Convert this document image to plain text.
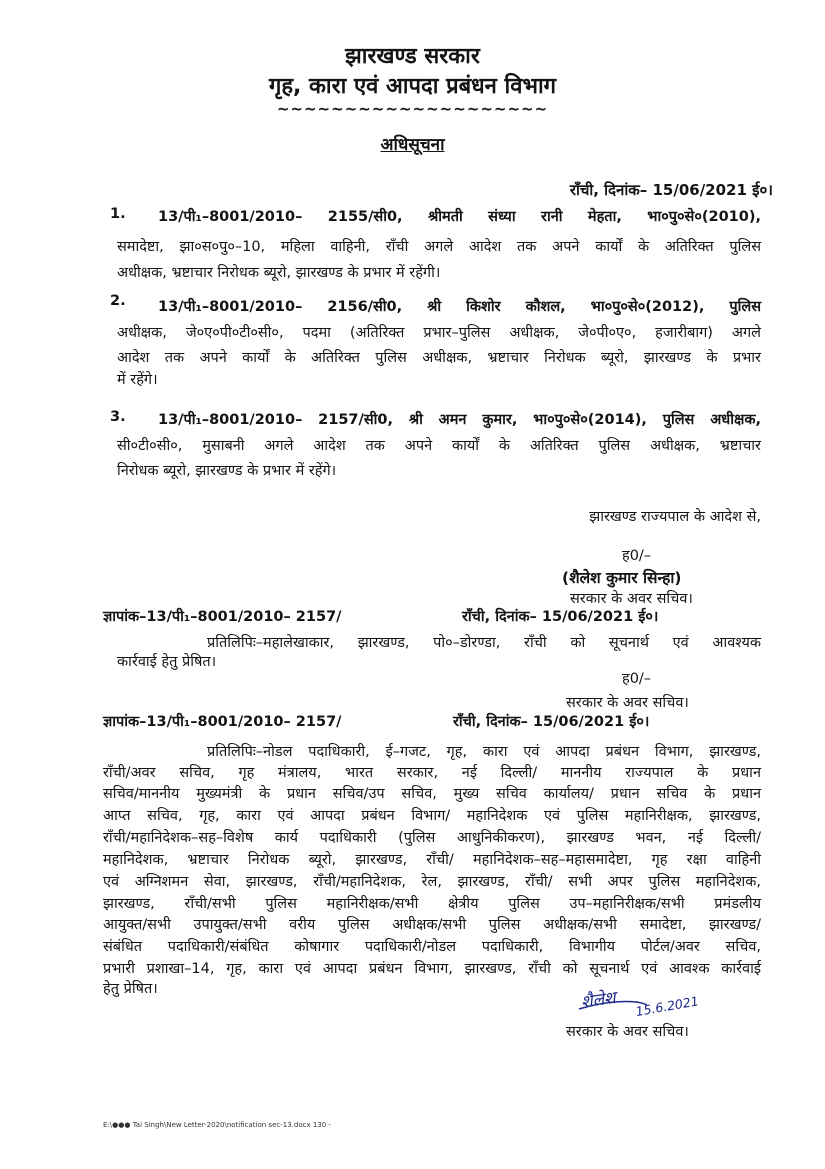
झारखण्ड सरकार
गृह, कारा एवं आपदा प्रबंधन विभाग
~~~~~~~~~~~~~~~~~~~~
अधिसूचना
राँची, दिनांक– 15/06/2021 ई०।
1. 13/पी₁–8001/2010– 2155/सी0, श्रीमती संध्या रानी मेहता, भा०पु०से०(2010),
समादेष्टा, झा०स०पु०–10, महिला वाहिनी, राँची अगले आदेश तक अपने कार्यों के अतिरिक्त पुलिस
अधीक्षक, भ्रष्टाचार निरोधक ब्यूरो, झारखण्ड के प्रभार में रहेंगी।
2. 13/पी₁–8001/2010– 2156/सी0, श्री किशोर कौशल, भा०पु०से०(2012), पुलिस
अधीक्षक, जे०ए०पी०टी०सी०, पदमा (अतिरिक्त प्रभार–पुलिस अधीक्षक, जे०पी०ए०, हजारीबाग) अगले
आदेश तक अपने कार्यों के अतिरिक्त पुलिस अधीक्षक, भ्रष्टाचार निरोधक ब्यूरो, झारखण्ड के प्रभार
में रहेंगे।
3. 13/पी₁–8001/2010– 2157/सी0, श्री अमन कुमार, भा०पु०से०(2014), पुलिस अधीक्षक,
सी०टी०सी०, मुसाबनी अगले आदेश तक अपने कार्यों के अतिरिक्त पुलिस अधीक्षक, भ्रष्टाचार
निरोधक ब्यूरो, झारखण्ड के प्रभार में रहेंगे।
झारखण्ड राज्यपाल के आदेश से,
ह0/–
(शैलेश कुमार सिन्हा)
सरकार के अवर सचिव।
ज्ञापांक–13/पी₁–8001/2010– 2157/	राँची, दिनांक– 15/06/2021 ई०।
प्रतिलिपिः–महालेखाकार, झारखण्ड, पो०–डोरण्डा, राँची को सूचनार्थ एवं आवश्यक
कार्रवाई हेतु प्रेषित।
ह0/–
सरकार के अवर सचिव।
ज्ञापांक–13/पी₁–8001/2010– 2157/	राँची, दिनांक– 15/06/2021 ई०।
प्रतिलिपिः–नोडल पदाधिकारी, ई–गजट, गृह, कारा एवं आपदा प्रबंधन विभाग, झारखण्ड,
राँची/अवर सचिव, गृह मंत्रालय, भारत सरकार, नई दिल्ली/ माननीय राज्यपाल के प्रधान
सचिव/माननीय मुख्यमंत्री के प्रधान सचिव/उप सचिव, मुख्य सचिव कार्यालय/ प्रधान सचिव के प्रधान
आप्त सचिव, गृह, कारा एवं आपदा प्रबंधन विभाग/ महानिदेशक एवं पुलिस महानिरीक्षक, झारखण्ड,
राँची/महानिदेशक–सह–विशेष कार्य पदाधिकारी (पुलिस आधुनिकीकरण), झारखण्ड भवन, नई दिल्ली/
महानिदेशक, भ्रष्टाचार निरोधक ब्यूरो, झारखण्ड, राँची/ महानिदेशक–सह–महासमादेष्टा, गृह रक्षा वाहिनी
एवं अग्निशमन सेवा, झारखण्ड, राँची/महानिदेशक, रेल, झारखण्ड, राँची/ सभी अपर पुलिस महानिदेशक,
झारखण्ड, राँची/सभी पुलिस महानिरीक्षक/सभी क्षेत्रीय पुलिस उप–महानिरीक्षक/सभी प्रमंडलीय
आयुक्त/सभी उपायुक्त/सभी वरीय पुलिस अधीक्षक/सभी पुलिस अधीक्षक/सभी समादेष्टा, झारखण्ड/
संबंधित पदाधिकारी/संबंधित कोषागार पदाधिकारी/नोडल पदाधिकारी, विभागीय पोर्टल/अवर सचिव,
प्रभारी प्रशाखा–14, गृह, कारा एवं आपदा प्रबंधन विभाग, झारखण्ड, राँची को सूचनार्थ एवं आवश्क कार्रवाई
हेतु प्रेषित।	शैलेश 15.6.2021
सरकार के अवर सचिव।
E:\●●● Tai Singh\New Letter-2020\notification sec-13.docx 130 -
